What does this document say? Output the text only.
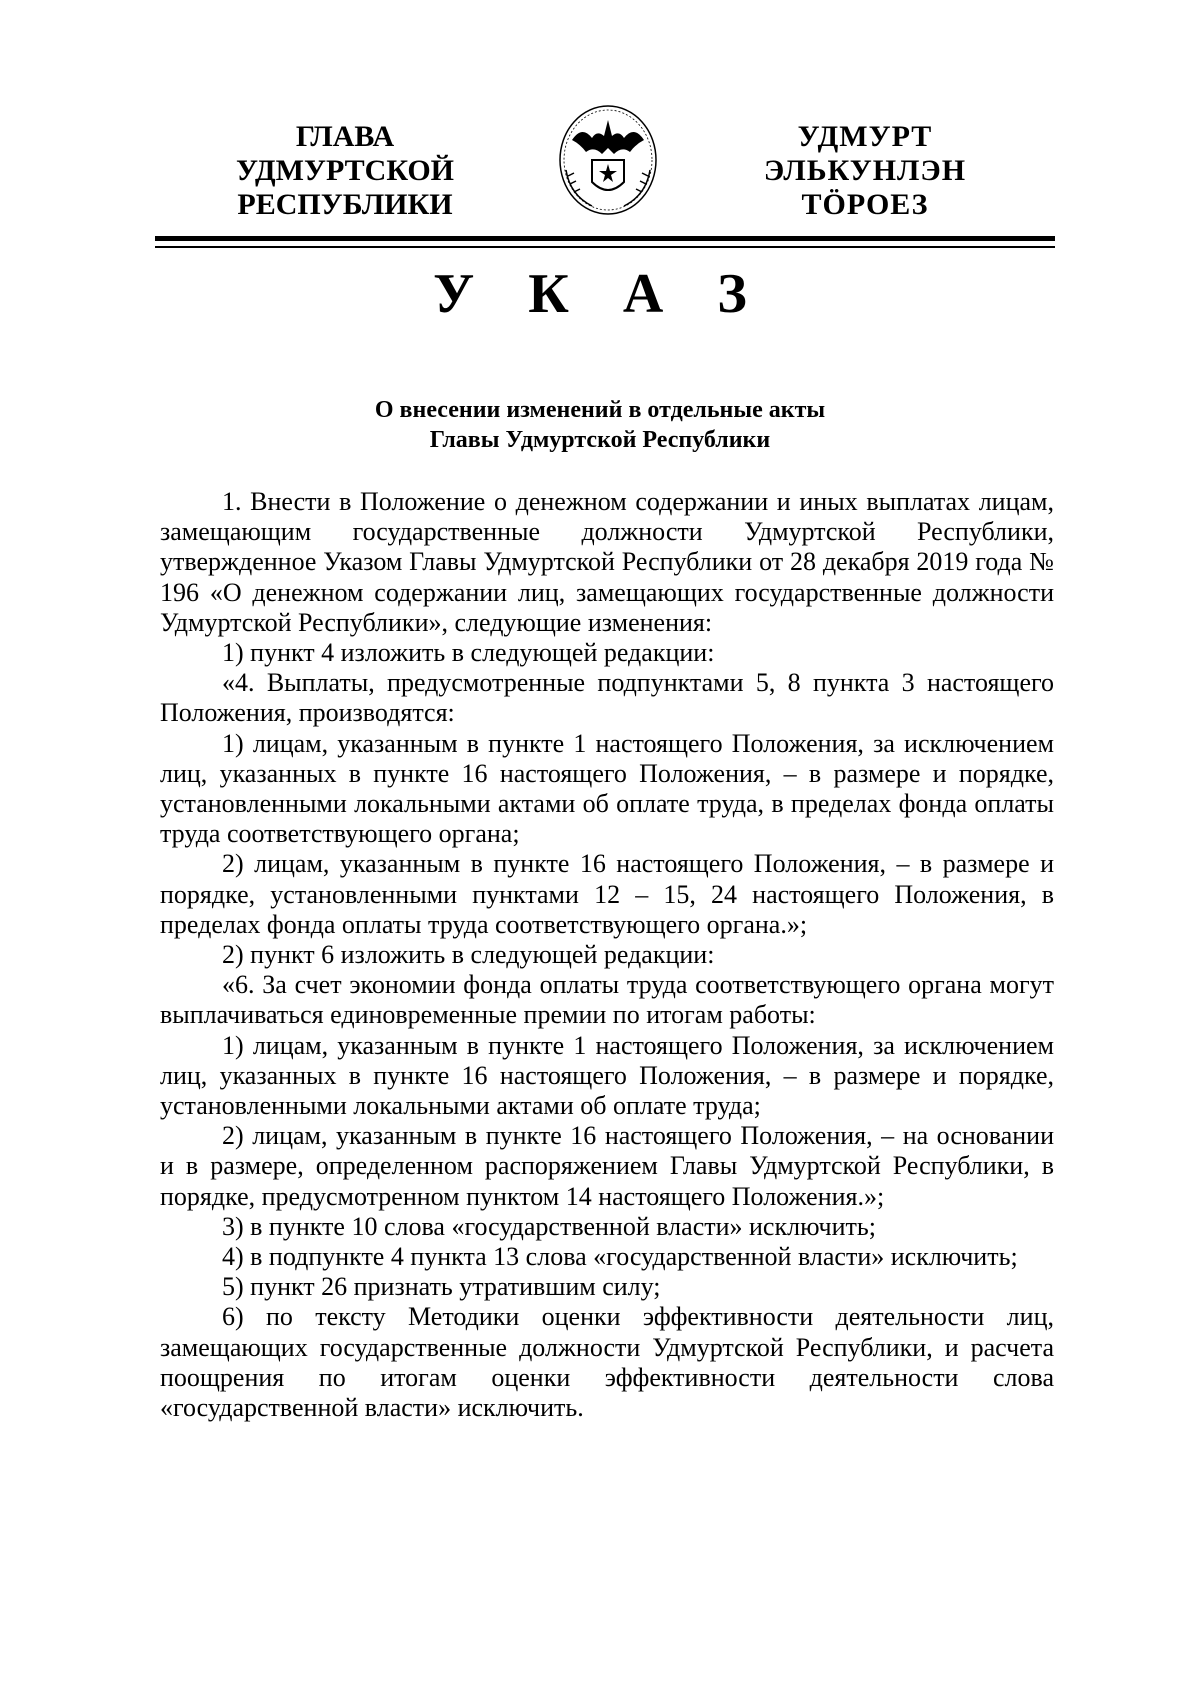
ГЛАВА
УДМУРТСКОЙ РЕСПУБЛИКИ
УДМУРТ ЭЛЬКУНЛЭН
ТӦРОЕЗ
У К А З
О внесении изменений в отдельные акты
Главы Удмуртской Республики

1. Внести в Положение о денежном содержании и иных выплатах лицам, замещающим государственные должности Удмуртской Республики, утвержденное Указом Главы Удмуртской Республики от 28 декабря 2019 года № 196 «О денежном содержании лиц, замещающих государственные должности Удмуртской Республики», следующие изменения:

1) пункт 4 изложить в следующей редакции:

«4. Выплаты, предусмотренные подпунктами 5, 8 пункта 3 настоящего Положения, производятся:

1) лицам, указанным в пункте 1 настоящего Положения, за исключением лиц, указанных в пункте 16 настоящего Положения, – в размере и порядке, установленными локальными актами об оплате труда, в пределах фонда оплаты труда соответствующего органа;

2) лицам, указанным в пункте 16 настоящего Положения, – в размере и порядке, установленными пунктами 12 – 15, 24 настоящего Положения, в пределах фонда оплаты труда соответствующего органа.»;

2) пункт 6 изложить в следующей редакции:

«6. За счет экономии фонда оплаты труда соответствующего органа могут выплачиваться единовременные премии по итогам работы:

1) лицам, указанным в пункте 1 настоящего Положения, за исключением лиц, указанных в пункте 16 настоящего Положения, – в размере и порядке, установленными локальными актами об оплате труда;

2) лицам, указанным в пункте 16 настоящего Положения, – на основании и в размере, определенном распоряжением Главы Удмуртской Республики, в порядке, предусмотренном пунктом 14 настоящего Положения.»;

3) в пункте 10 слова «государственной власти» исключить;

4) в подпункте 4 пункта 13 слова «государственной власти» исключить;

5) пункт 26 признать утратившим силу;

6) по тексту Методики оценки эффективности деятельности лиц, замещающих государственные должности Удмуртской Республики, и расчета поощрения по итогам оценки эффективности деятельности слова «государственной власти» исключить.
